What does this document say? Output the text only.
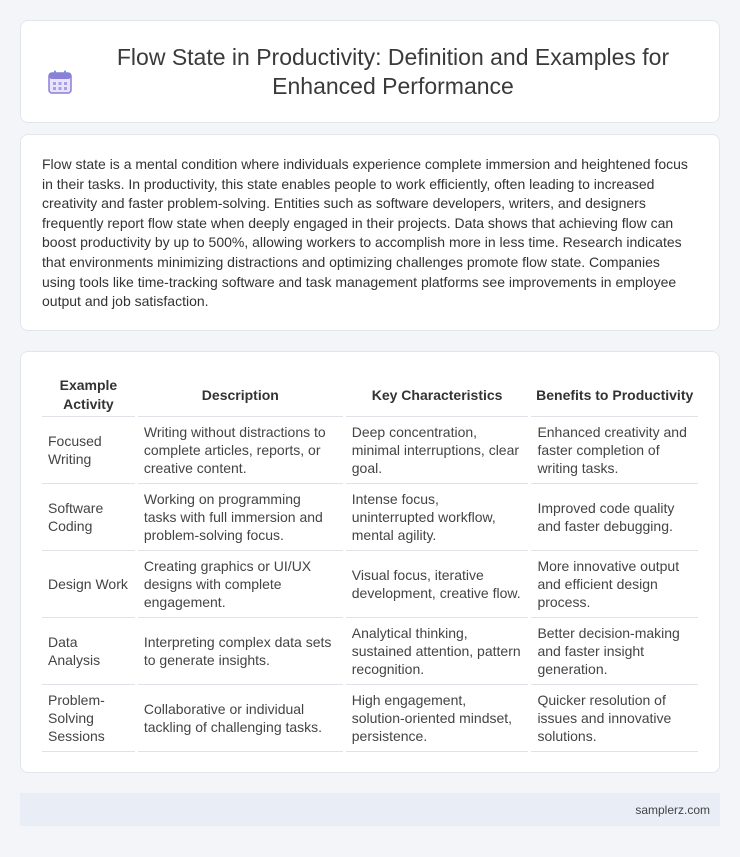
Flow State in Productivity: Definition and Examples for Enhanced Performance

Flow state is a mental condition where individuals experience complete immersion and heightened focus in their tasks. In productivity, this state enables people to work efficiently, often leading to increased creativity and faster problem-solving. Entities such as software developers, writers, and designers frequently report flow state when deeply engaged in their projects. Data shows that achieving flow can boost productivity by up to 500%, allowing workers to accomplish more in less time. Research indicates that environments minimizing distractions and optimizing challenges promote flow state. Companies using tools like time-tracking software and task management platforms see improvements in employee output and job satisfaction.

Example Activity	Description	Key Characteristics	Benefits to Productivity
Focused Writing	Writing without distractions to complete articles, reports, or creative content.	Deep concentration, minimal interruptions, clear goal.	Enhanced creativity and faster completion of writing tasks.
Software Coding	Working on programming tasks with full immersion and problem-solving focus.	Intense focus, uninterrupted workflow, mental agility.	Improved code quality and faster debugging.
Design Work	Creating graphics or UI/UX designs with complete engagement.	Visual focus, iterative development, creative flow.	More innovative output and efficient design process.
Data Analysis	Interpreting complex data sets to generate insights.	Analytical thinking, sustained attention, pattern recognition.	Better decision-making and faster insight generation.
Problem-Solving Sessions	Collaborative or individual tackling of challenging tasks.	High engagement, solution-oriented mindset, persistence.	Quicker resolution of issues and innovative solutions.
samplerz.com
